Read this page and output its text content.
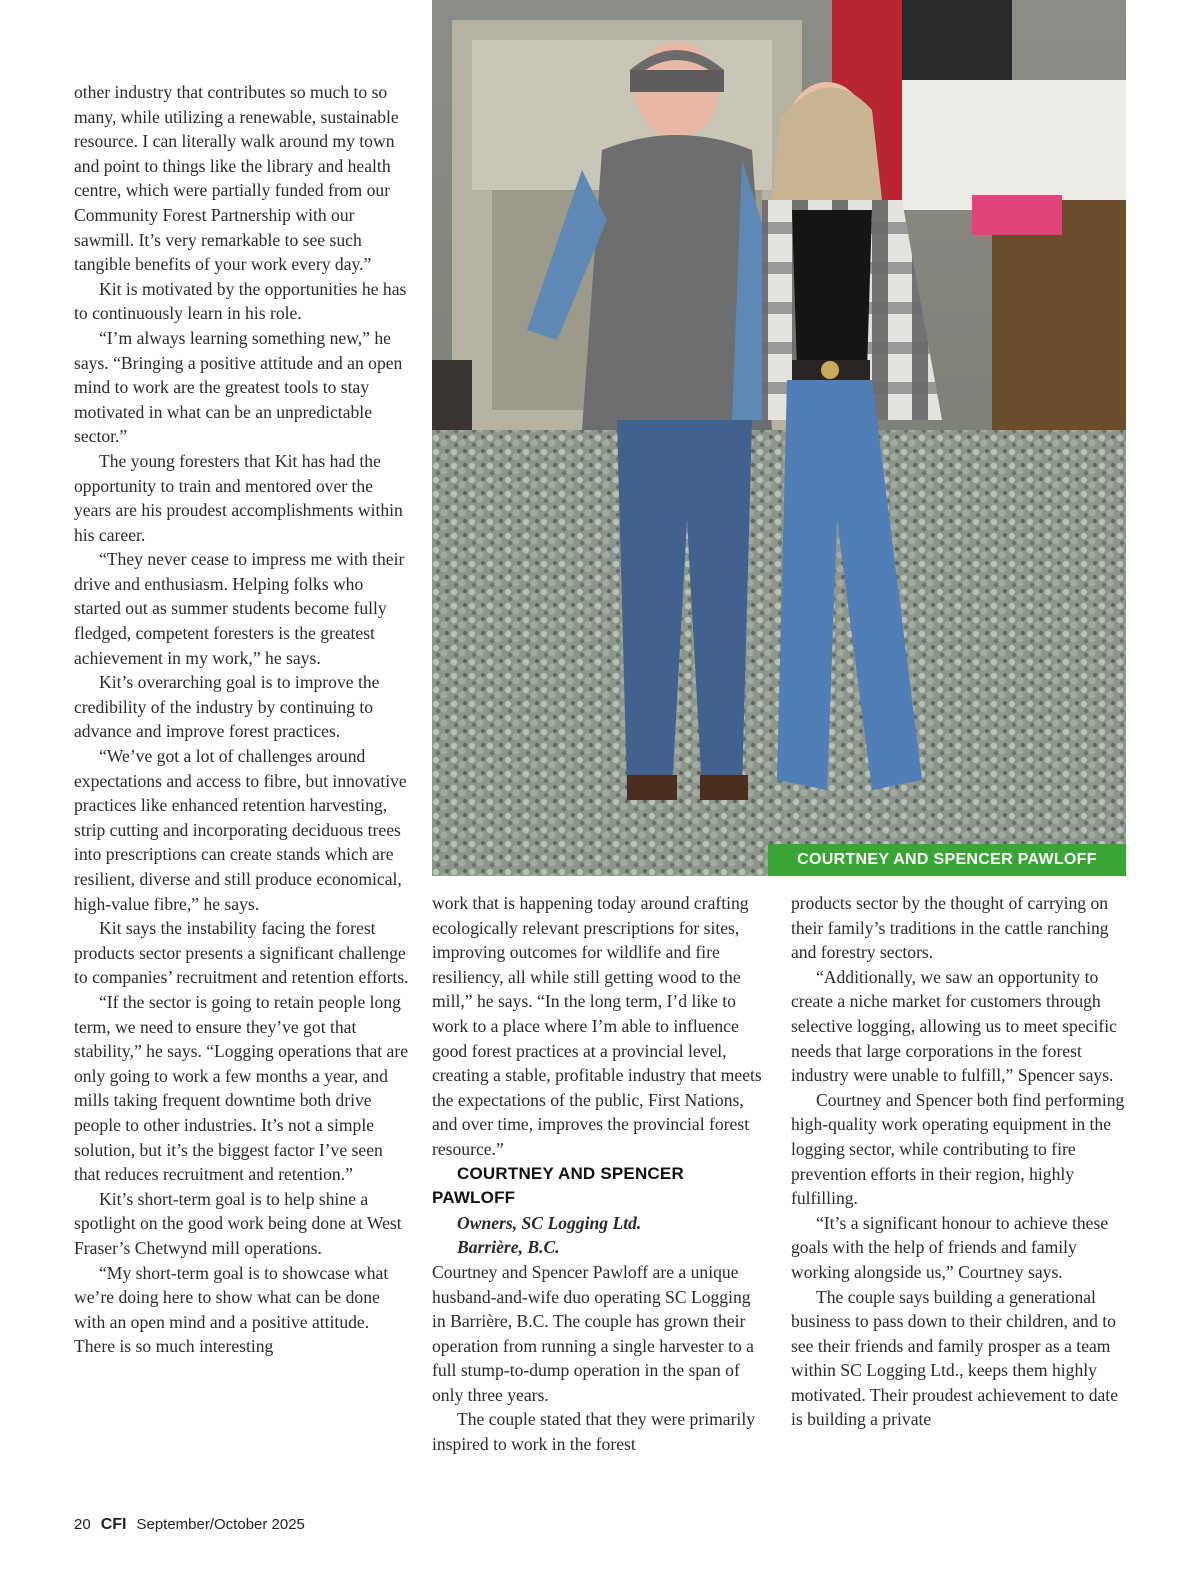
other industry that contributes so much to so many, while utilizing a renewable, sustainable resource. I can literally walk around my town and point to things like the library and health centre, which were partially funded from our Community Forest Partnership with our sawmill. It’s very remarkable to see such tangible benefits of your work every day.”

Kit is motivated by the opportunities he has to continuously learn in his role.

“I’m always learning something new,” he says. “Bringing a positive attitude and an open mind to work are the greatest tools to stay motivated in what can be an unpredictable sector.”

The young foresters that Kit has had the opportunity to train and mentored over the years are his proudest accomplishments within his career.

“They never cease to impress me with their drive and enthusiasm. Helping folks who started out as summer students become fully fledged, competent foresters is the greatest achievement in my work,” he says.

Kit’s overarching goal is to improve the credibility of the industry by continuing to advance and improve forest practices.

“We’ve got a lot of challenges around expectations and access to fibre, but innovative practices like enhanced retention harvesting, strip cutting and incorporating deciduous trees into prescriptions can create stands which are resilient, diverse and still produce economical, high-value fibre,” he says.

Kit says the instability facing the forest products sector presents a significant challenge to companies’ recruitment and retention efforts.

“If the sector is going to retain people long term, we need to ensure they’ve got that stability,” he says. “Logging operations that are only going to work a few months a year, and mills taking frequent downtime both drive people to other industries. It’s not a simple solution, but it’s the biggest factor I’ve seen that reduces recruitment and retention.”

Kit’s short-term goal is to help shine a spotlight on the good work being done at West Fraser’s Chetwynd mill operations.

“My short-term goal is to showcase what we’re doing here to show what can be done with an open mind and a positive attitude. There is so much interesting

COURTNEY AND SPENCER PAWLOFF

work that is happening today around crafting ecologically relevant prescriptions for sites, improving outcomes for wildlife and fire resiliency, all while still getting wood to the mill,” he says. “In the long term, I’d like to work to a place where I’m able to influence good forest practices at a provincial level, creating a stable, profitable industry that meets the expectations of the public, First Nations, and over time, improves the provincial forest resource.”

COURTNEY AND SPENCER PAWLOFF

Owners, SC Logging Ltd.

Barrière, B.C.

Courtney and Spencer Pawloff are a unique husband-and-wife duo operating SC Logging in Barrière, B.C. The couple has grown their operation from running a single harvester to a full stump-to-dump operation in the span of only three years.

The couple stated that they were primarily inspired to work in the forest

products sector by the thought of carrying on their family’s traditions in the cattle ranching and forestry sectors.

“Additionally, we saw an opportunity to create a niche market for customers through selective logging, allowing us to meet specific needs that large corporations in the forest industry were unable to fulfill,” Spencer says.

Courtney and Spencer both find performing high-quality work operating equipment in the logging sector, while contributing to fire prevention efforts in their region, highly fulfilling.

“It’s a significant honour to achieve these goals with the help of friends and family working alongside us,” Courtney says.

The couple says building a generational business to pass down to their children, and to see their friends and family prosper as a team within SC Logging Ltd., keeps them highly motivated. Their proudest achievement to date is building a private

20 CFI September/October 2025
